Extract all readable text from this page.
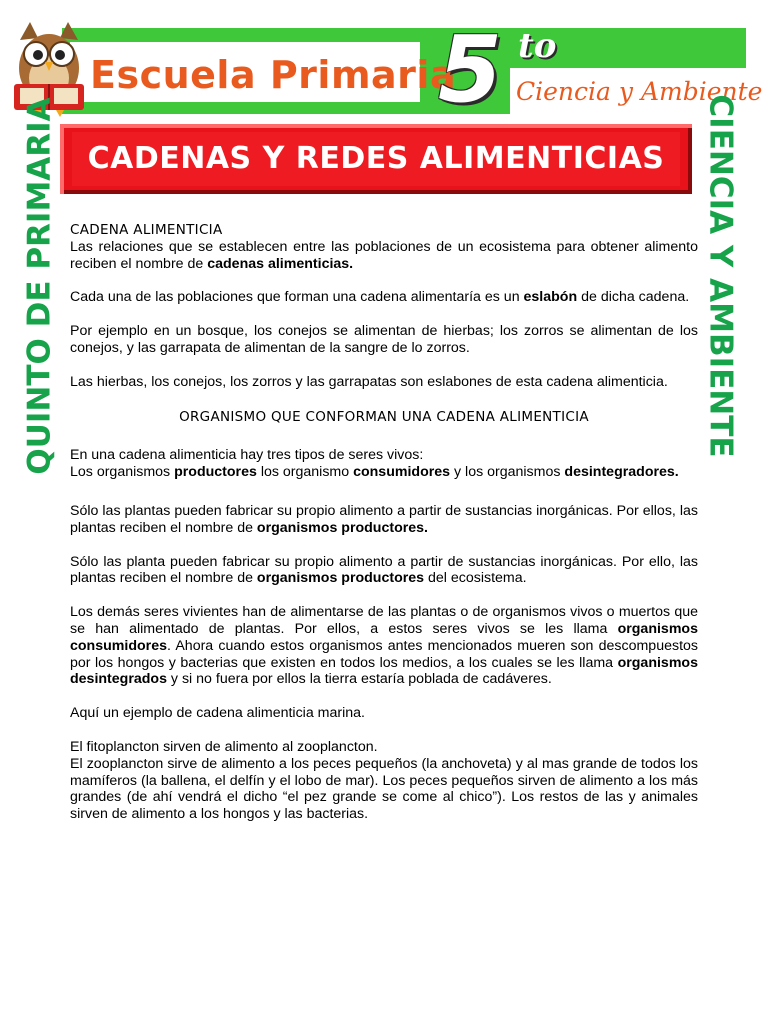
Escuela Primaria
5 to
Ciencia y Ambiente
QUINTO DE PRIMARIA	CIENCIA Y AMBIENTE
CADENAS Y REDES ALIMENTICIAS

CADENA ALIMENTICIA

Las relaciones que se establecen entre las poblaciones de un ecosistema para obtener alimento reciben el nombre de cadenas alimenticias.

Cada una de las poblaciones que forman una cadena alimentaría es un eslabón de dicha cadena.

Por ejemplo en un bosque, los conejos se alimentan de hierbas; los zorros se alimentan de los conejos, y las garrapata de alimentan de la sangre de lo zorros.

Las hierbas, los conejos, los zorros y las garrapatas son eslabones de esta cadena alimenticia.

ORGANISMO QUE CONFORMAN UNA CADENA ALIMENTICIA

En una cadena alimenticia hay tres tipos de seres vivos:

Los organismos productores los organismo consumidores y los organismos desintegradores.

Sólo las plantas pueden fabricar su propio alimento a partir de sustancias inorgánicas. Por ellos, las plantas reciben el nombre de organismos productores.

Sólo las planta pueden fabricar su propio alimento a partir de sustancias inorgánicas. Por ello, las plantas reciben el nombre de organismos productores del ecosistema.

Los demás seres vivientes han de alimentarse de las plantas o de organismos vivos o muertos que se han alimentado de plantas. Por ellos, a estos seres vivos se les llama organismos consumidores. Ahora cuando estos organismos antes mencionados mueren son descompuestos por los hongos y bacterias que existen en todos los medios, a los cuales se les llama organismos desintegrados y si no fuera por ellos la tierra estaría poblada de cadáveres.

Aquí un ejemplo de cadena alimenticia marina.

El fitoplancton sirven de alimento al zooplancton.

El zooplancton sirve de alimento a los peces pequeños (la anchoveta) y al mas grande de todos los mamíferos (la ballena, el delfín y el lobo de mar). Los peces pequeños sirven de alimento a los más grandes (de ahí vendrá el dicho “el pez grande se come al chico”). Los restos de las y animales sirven de alimento a los hongos y las bacterias.
